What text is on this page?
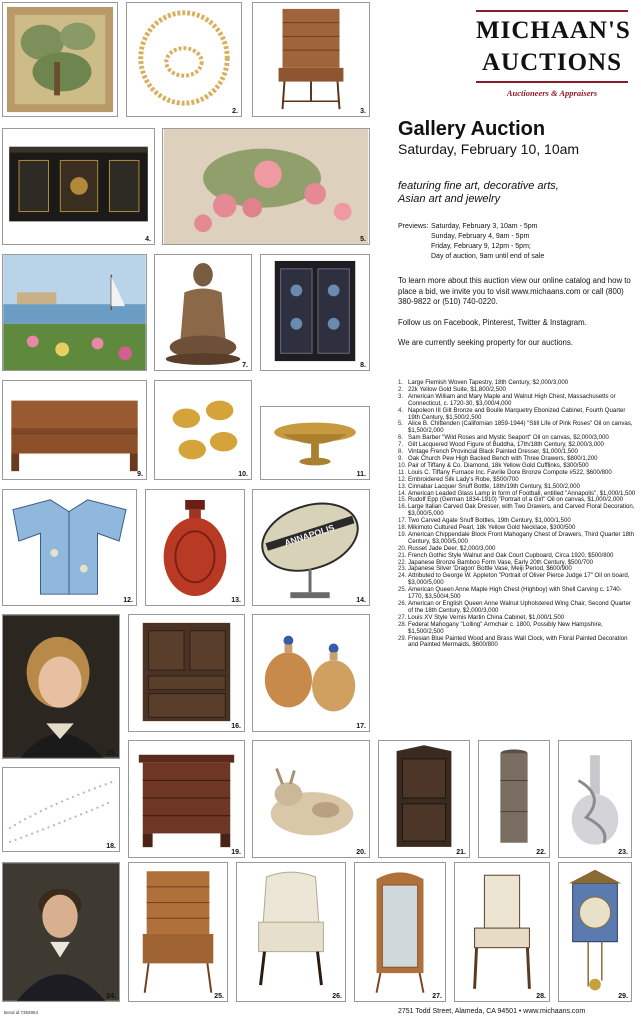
MICHAAN'S
AUCTIONS
Auctioneers & Appraisers
Gallery Auction
Saturday, February 10, 10am
featuring fine art, decorative arts,
Asian art and jewelry
Previews: Saturday, February 3, 10am - 5pm
Sunday, February 4, 9am - 5pm
Friday, February 9, 12pm - 5pm;
Day of auction, 9am until end of sale
To learn more about this auction view our online catalog and how to place a bid, we invite you to visit www.michaans.com or call (800) 380-9822 or (510) 740-0220.
Follow us on Facebook, Pinterest, Twitter & Instagram.
We are currently seeking property for our auctions.
1. Large Flemish Woven Tapestry, 18th Century, $2,000/3,000
2. 22k Yellow Gold Suite, $1,800/2,500
3. American William and Mary Maple and Walnut High Chest, Massachusetts or Connecticut, c. 1720-30, $3,000/4,000
4. Napoleon III Gilt Bronze and Boulle Marquetry Ebonized Cabinet, Fourth Quarter 19th Century, $1,500/2,500
5. Alice B. Chittenden (Californian 1859-1944) "Still Life of Pink Roses" Oil on canvas, $1,500/2,000
6. Sam Barber "Wild Roses and Mystic Seaport" Oil on canvas, $2,000/3,000
7. Gilt Lacquered Wood Figure of Buddha, 17th/18th Century, $2,000/3,000
8. Vintage French Provincial Black Painted Dresser, $1,000/1,500
9. Oak Church Pew High Backed Bench with Three Drawers, $800/1,200
10. Pair of Tiffany & Co. Diamond, 18k Yellow Gold Cufflinks, $300/500
11. Louis C. Tiffany Furnace Inc. Favrile Dore Bronze Compote #522, $600/800
12. Embroidered Silk Lady's Robe, $500/700
13. Cinnabar Lacquer Snuff Bottle, 18th/19th Century, $1,500/2,000
14. American Leaded Glass Lamp in form of Football, entitled "Annapolis", $1,000/1,500
15. Rudolf Epp (German 1834-1910) "Portrait of a Girl" Oil on canvas, $1,000/2,000
16. Large Italian Carved Oak Dresser, with Two Drawers, and Carved Floral Decoration, $3,000/5,000
17. Two Carved Agate Snuff Bottles, 19th Century, $1,000/1,500
18. Mikimoto Cultured Pearl, 18k Yellow Gold Necklace, $300/500
19. American Chippendale Block Front Mahogany Chest of Drawers, Third Quarter 18th Century, $3,000/5,000
20. Russet Jade Deer, $2,000/3,000
21. French Gothic Style Walnut and Oak Court Cupboard, Circa 1920, $500/800
22. Japanese Bronze Bamboo Form Vase, Early 20th Century, $500/700
23. Japanese Silver 'Dragon' Bottle Vase, Meiji Period, $600/900
24. Attributed to George W. Appleton "Portrait of Oliver Pierce Judge 17" Oil on board, $3,000/5,000
25. American Queen Anne Maple High Chest (Highboy) with Shell Carving c. 1740-1770, $3,500/4,500
26. American or English Queen Anne Walnut Upholstered Wing Chair, Second Quarter of the 18th Century, $2,000/3,000
27. Louis XV Style Vernis Martin China Cabinet, $1,000/1,500
28. Federal Mahogany "Lolling" Armchair c. 1800, Possibly New Hampshire, $1,500/2,500
29. Friesian Blue Painted Wood and Brass Wall Clock, with Floral Painted Decoration and Painted Mermaids, $600/800
2.	3.
4.	5.
7.	8.
9.	10.	11.
12.	13.
ANNAPOLIS
14.
15.
16.	17.
18.
19.	20.	21.	22.	23.
24.	25.	26.	27.	28.	29.
2751 Todd Street, Alameda, CA 94501 • www.michaans.com
Bond id 7392954
